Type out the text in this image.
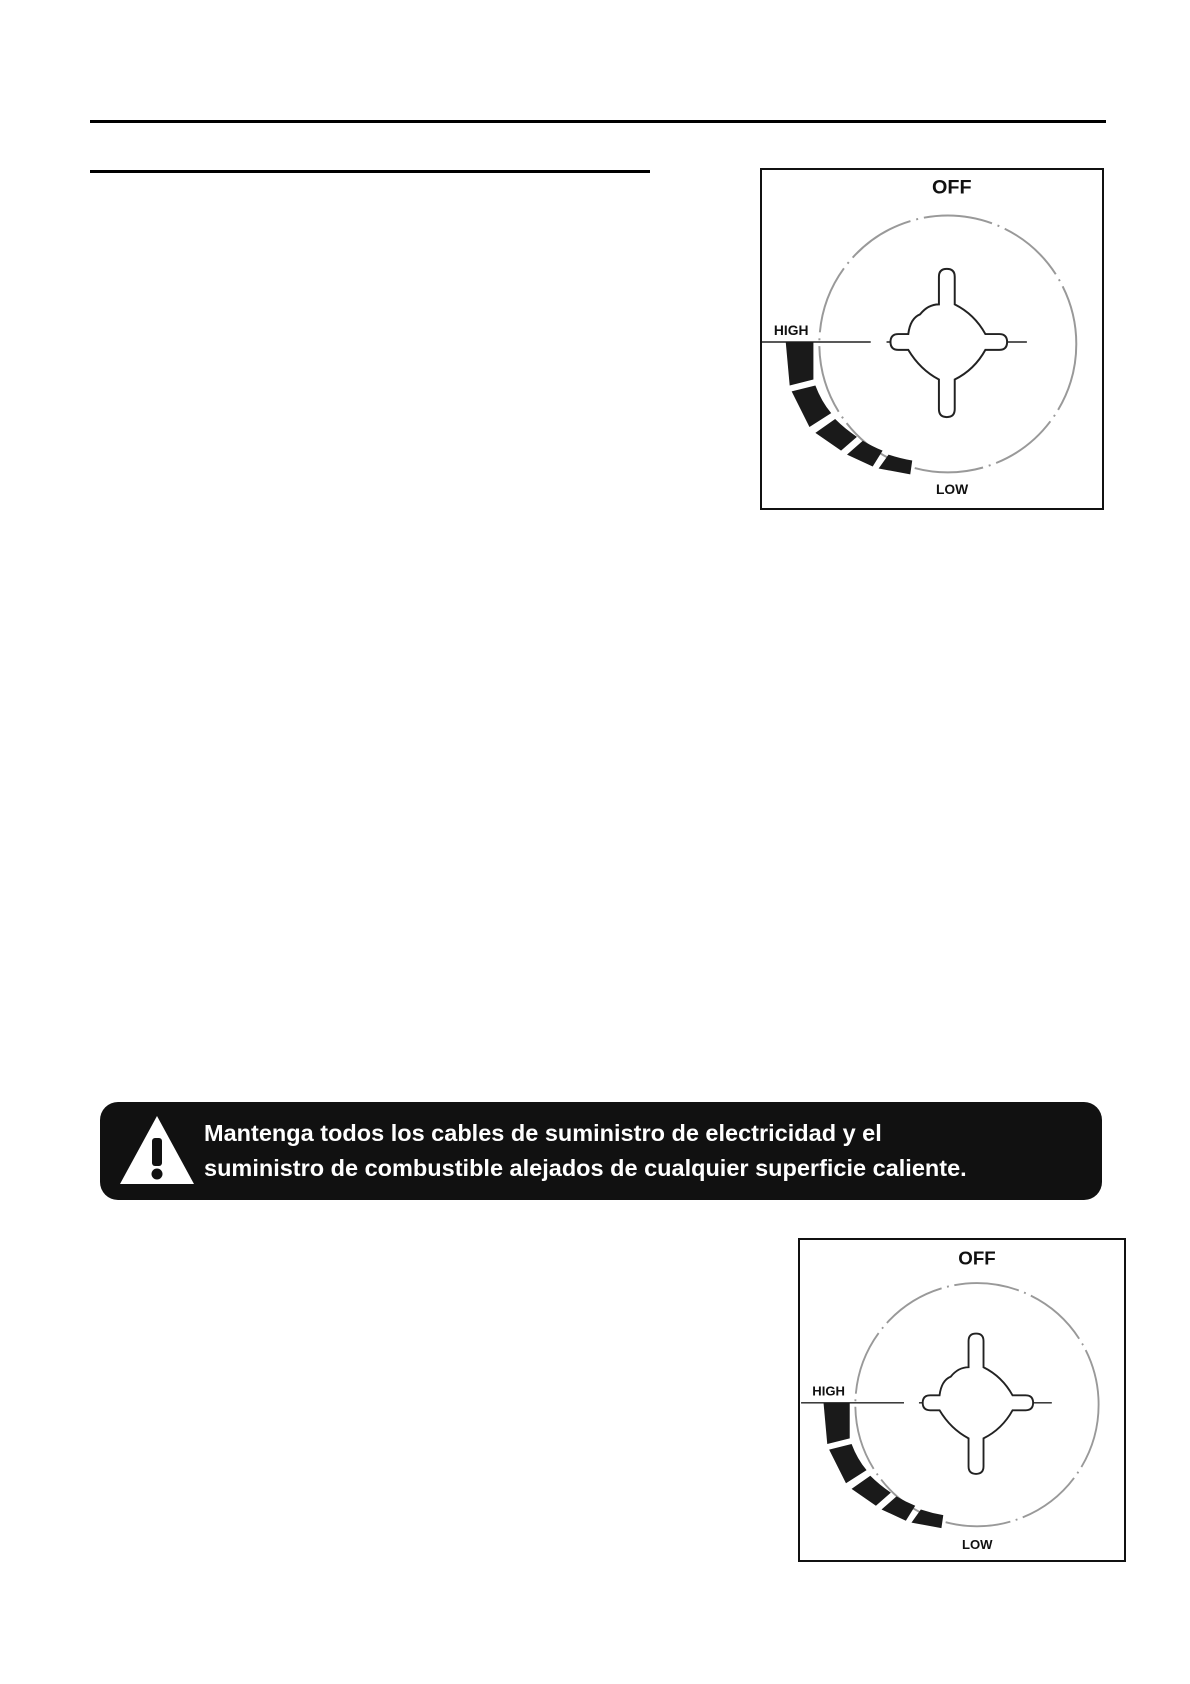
OFF
HIGH
LOW
Mantenga todos los cables de suministro de electricidad y el
suministro de combustible alejados de cualquier superficie caliente.
OFF
HIGH
LOW
